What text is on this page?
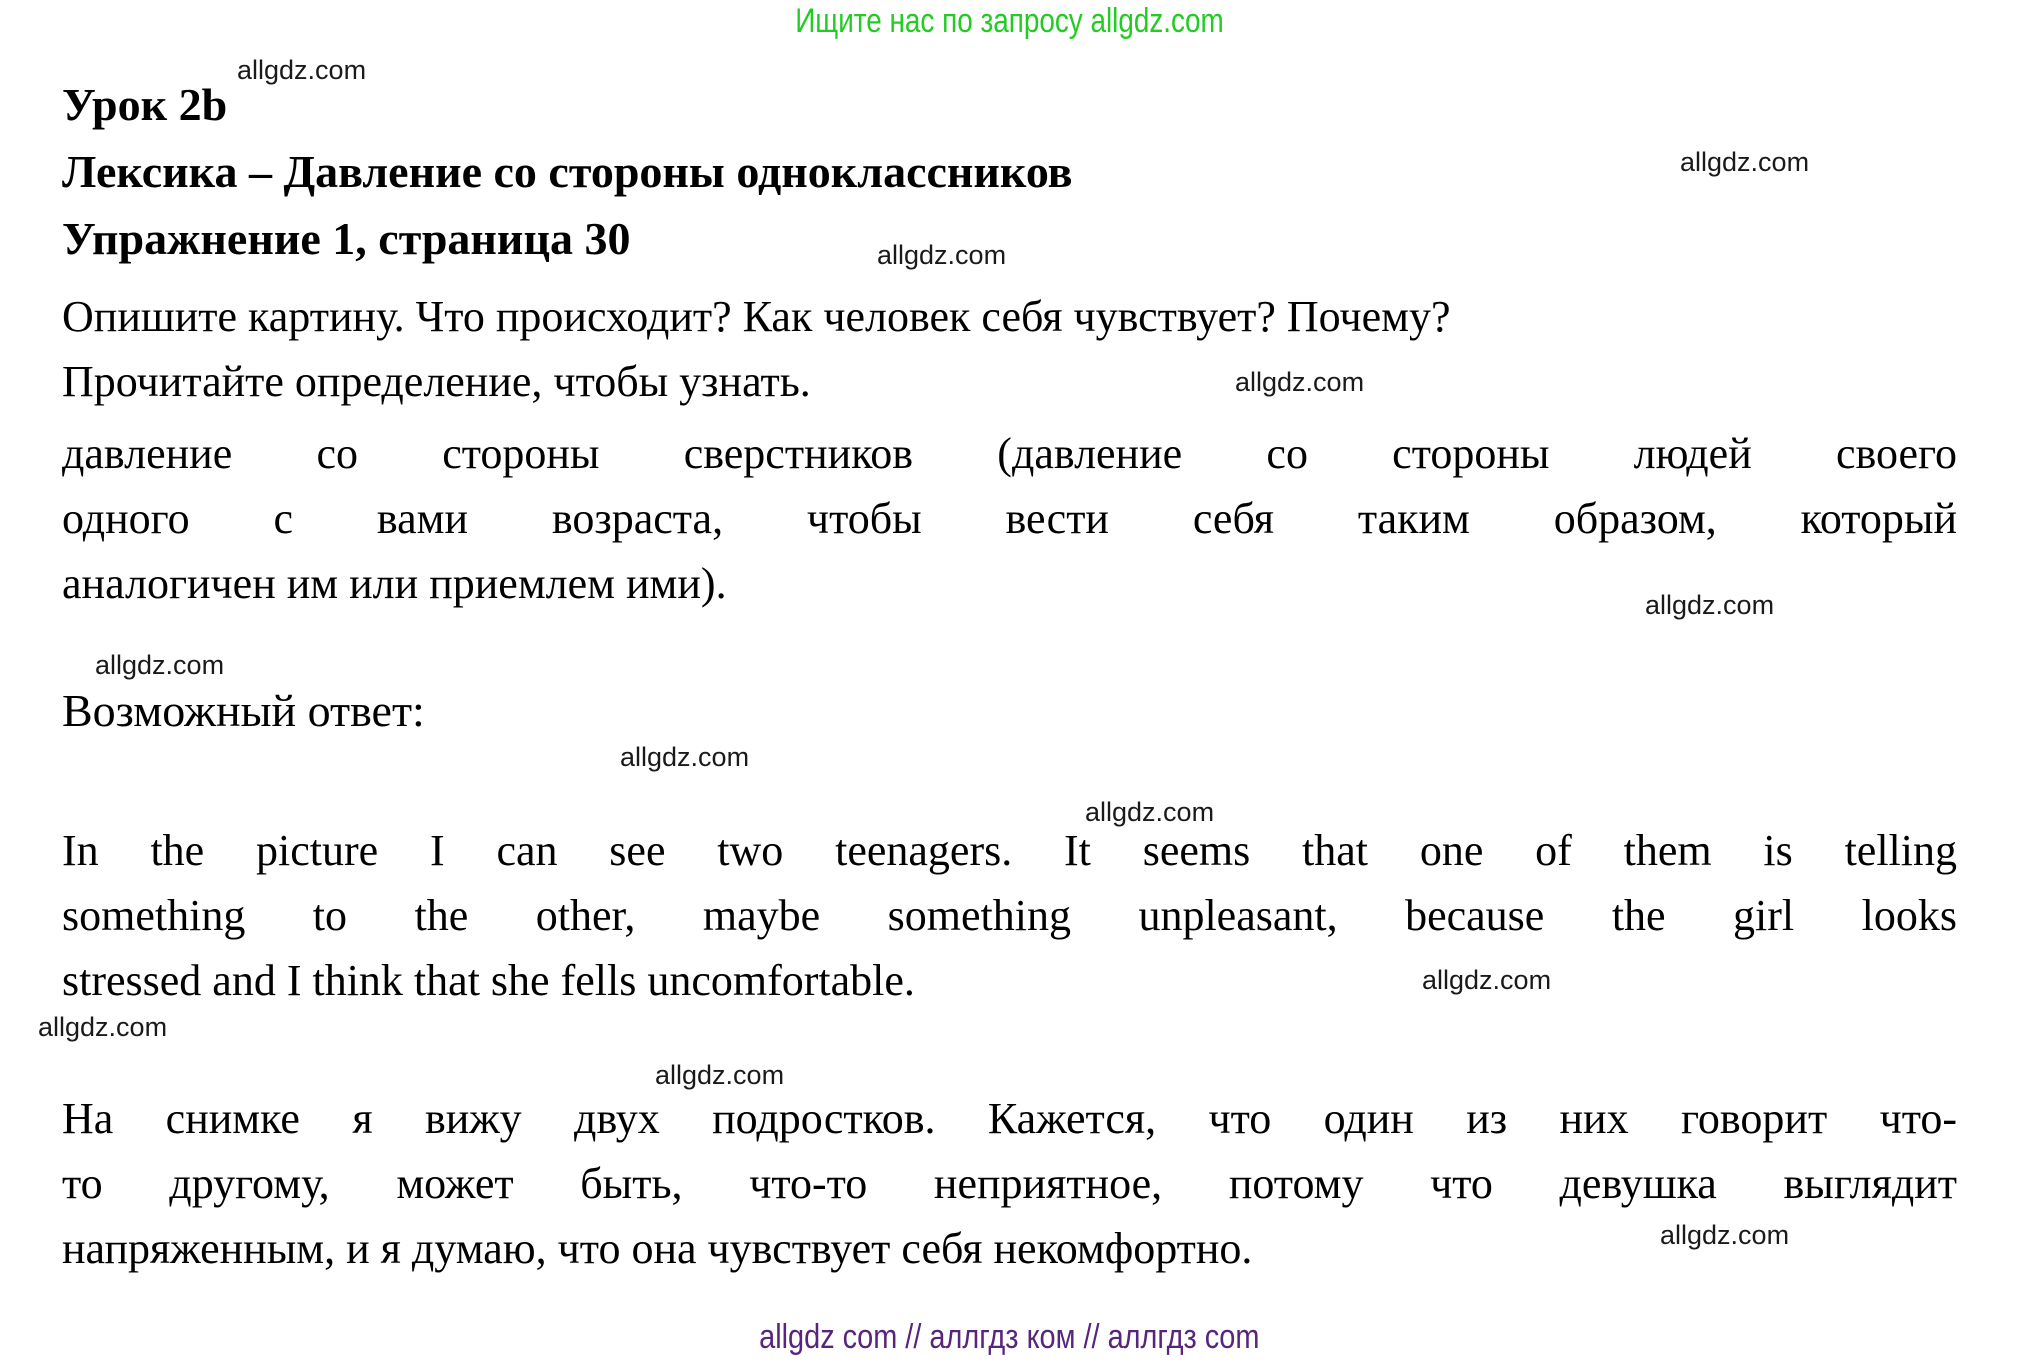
Ищите нас по запросу allgdz.com
allgdz.com
allgdz.com
allgdz.com
allgdz.com
allgdz.com
allgdz.com
allgdz.com
allgdz.com
allgdz.com
allgdz.com
allgdz.com
allgdz.com
Урок 2b
Лексика – Давление со стороны одноклассников
Упражнение 1, страница 30
Опишите картину. Что происходит? Как человек себя чувствует? Почему?
Прочитайте определение, чтобы узнать.
давление со стороны сверстников (давление со стороны людей своего
одного с вами возраста, чтобы вести себя таким образом, который
аналогичен им или приемлем ими).
Возможный ответ:
In the picture I can see two teenagers. It seems that one of them is telling
something to the other, maybe something unpleasant, because the girl looks
stressed and I think that she fells uncomfortable.
На снимке я вижу двух подростков. Кажется, что один из них говорит что-
то другому, может быть, что-то неприятное, потому что девушка выглядит
напряженным, и я думаю, что она чувствует себя некомфортно.
allgdz com // аллгдз ком // аллгдз com
